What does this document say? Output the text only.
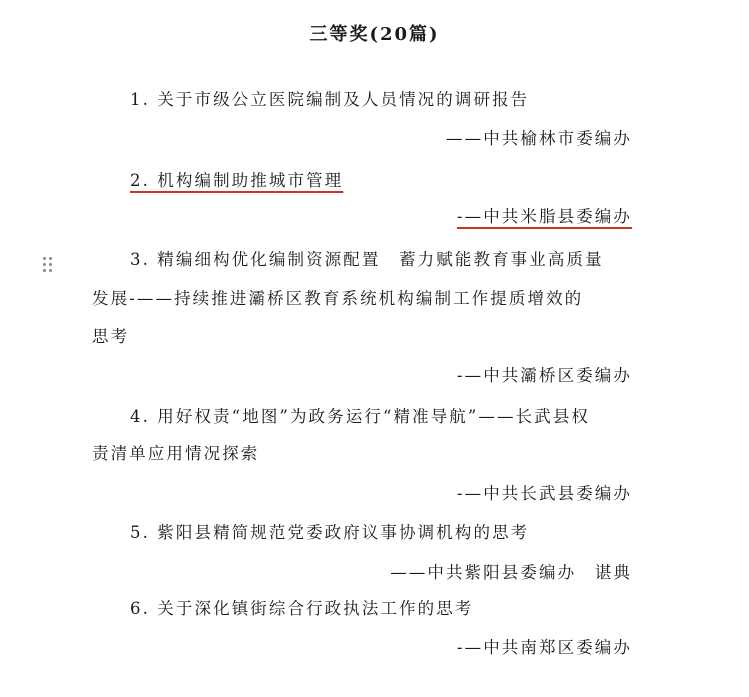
三等奖(20篇)
1. 关于市级公立医院编制及人员情况的调研报告
——中共榆林市委编办
2. 机构编制助推城市管理
-—中共米脂县委编办
3. 精编细构优化编制资源配置　蓄力赋能教育事业高质量
发展-——持续推进灞桥区教育系统机构编制工作提质增效的
思考
-—中共灞桥区委编办
4. 用好权责“地图”为政务运行“精准导航”——长武县权
责清单应用情况探索
-—中共长武县委编办
5. 紫阳县精简规范党委政府议事协调机构的思考
——中共紫阳县委编办　谌典
6. 关于深化镇街综合行政执法工作的思考
-—中共南郑区委编办
